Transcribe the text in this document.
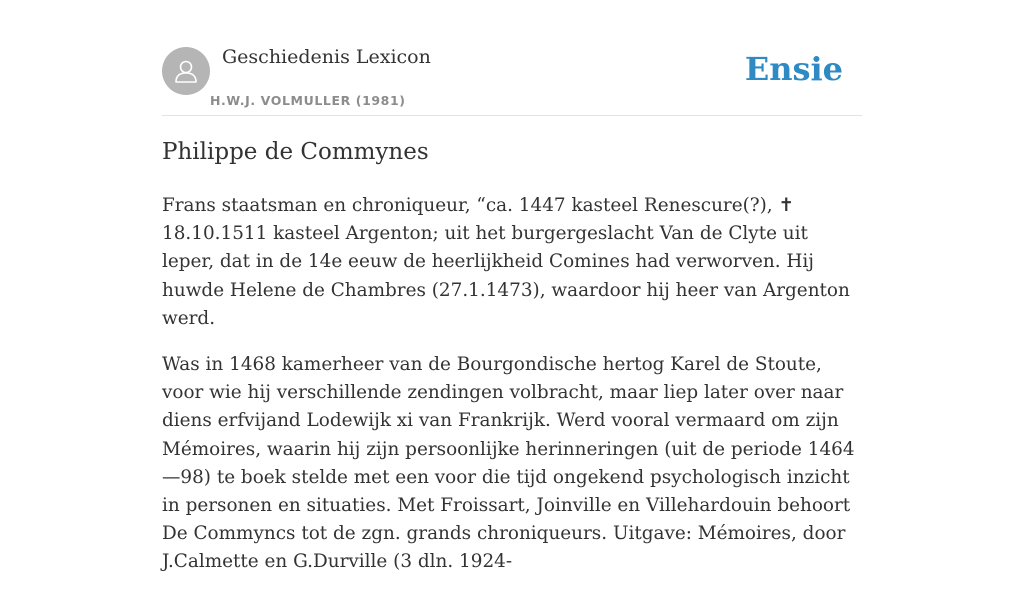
Geschiedenis Lexicon
H.W.J. VOLMULLER (1981)
Ensie
Philippe de Commynes

Frans staatsman en chroniqueur, “ca. 1447 kasteel Renescure(?), ✝ 18.10.1511 kasteel Argenton; uit het burgergeslacht Van de Clyte uit leper, dat in de 14e eeuw de heerlijkheid Comines had verworven. Hij huwde Helene de Chambres (27.1.1473), waardoor hij heer van Argenton werd.

Was in 1468 kamerheer van de Bourgondische hertog Karel de Stoute, voor wie hij verschillende zendingen volbracht, maar liep later over naar diens erfvijand Lodewijk xi van Frankrijk. Werd vooral vermaard om zijn Mémoires, waarin hij zijn persoonlijke herinneringen (uit de periode 1464—98) te boek stelde met een voor die tijd ongekend psychologisch inzicht in personen en situaties. Met Froissart, Joinville en Villehardouin behoort De Commyncs tot de zgn. grands chroniqueurs. Uitgave: Mémoires, door J.Calmette en G.Durville (3 dln. 1924-
